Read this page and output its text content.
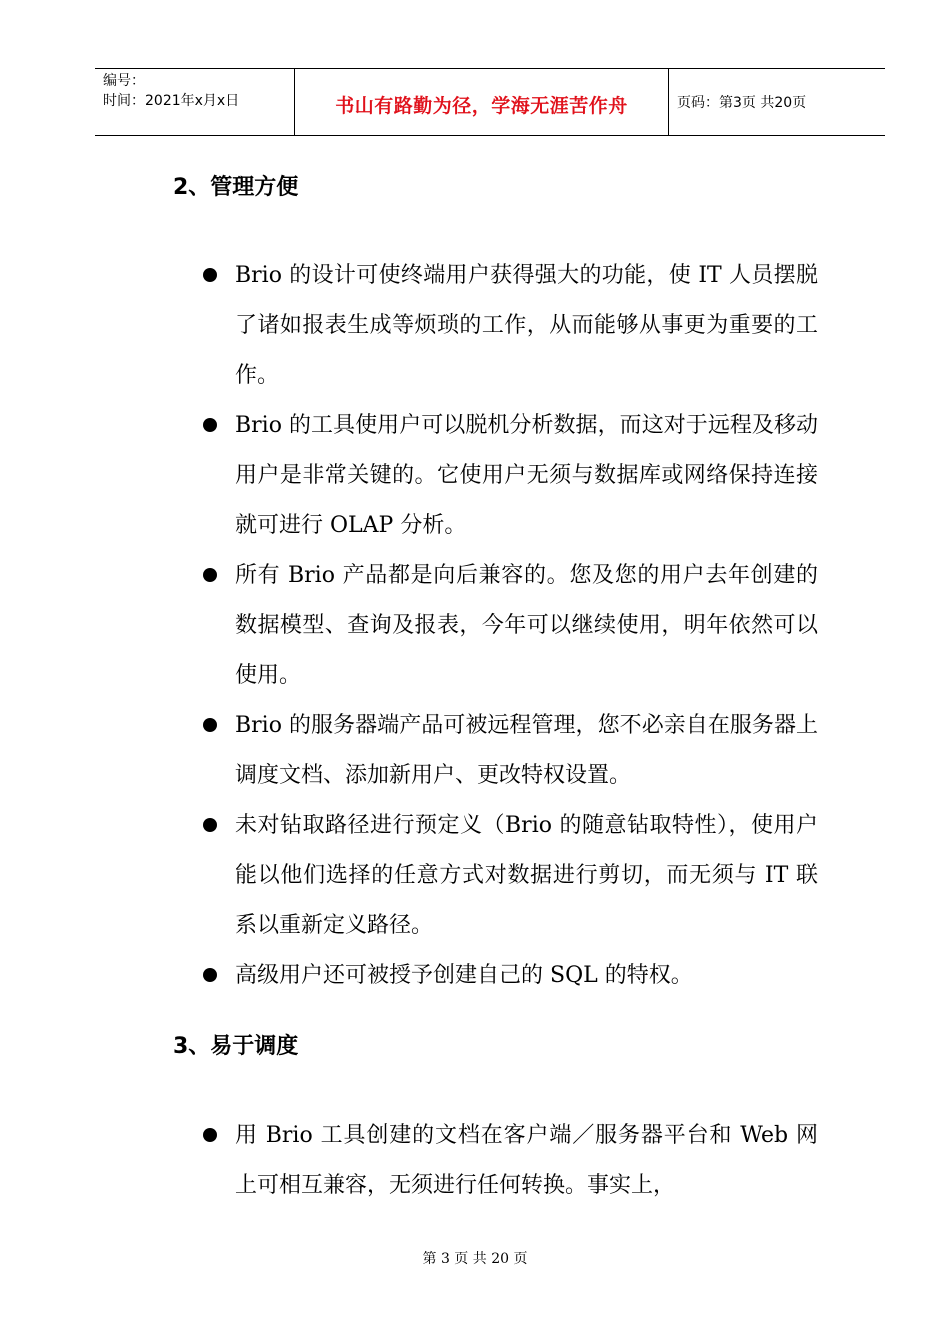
编号：
时间：2021年x月x日	书山有路勤为径，学海无涯苦作舟	页码：第3页 共20页
2、管理方便
Brio 的设计可使终端用户获得强大的功能，使 IT 人员摆脱了诸如报表生成等烦琐的工作，从而能够从事更为重要的工作。
Brio 的工具使用户可以脱机分析数据，而这对于远程及移动用户是非常关键的。它使用户无须与数据库或网络保持连接就可进行 OLAP 分析。
所有 Brio 产品都是向后兼容的。您及您的用户去年创建的数据模型、查询及报表，今年可以继续使用，明年依然可以使用。
Brio 的服务器端产品可被远程管理，您不必亲自在服务器上调度文档、添加新用户、更改特权设置。
未对钻取路径进行预定义（Brio 的随意钻取特性），使用户能以他们选择的任意方式对数据进行剪切，而无须与 IT 联系以重新定义路径。
高级用户还可被授予创建自己的 SQL 的特权。
3、易于调度
用 Brio 工具创建的文档在客户端／服务器平台和 Web 网上可相互兼容，无须进行任何转换。事实上，
第 3 页 共 20 页
